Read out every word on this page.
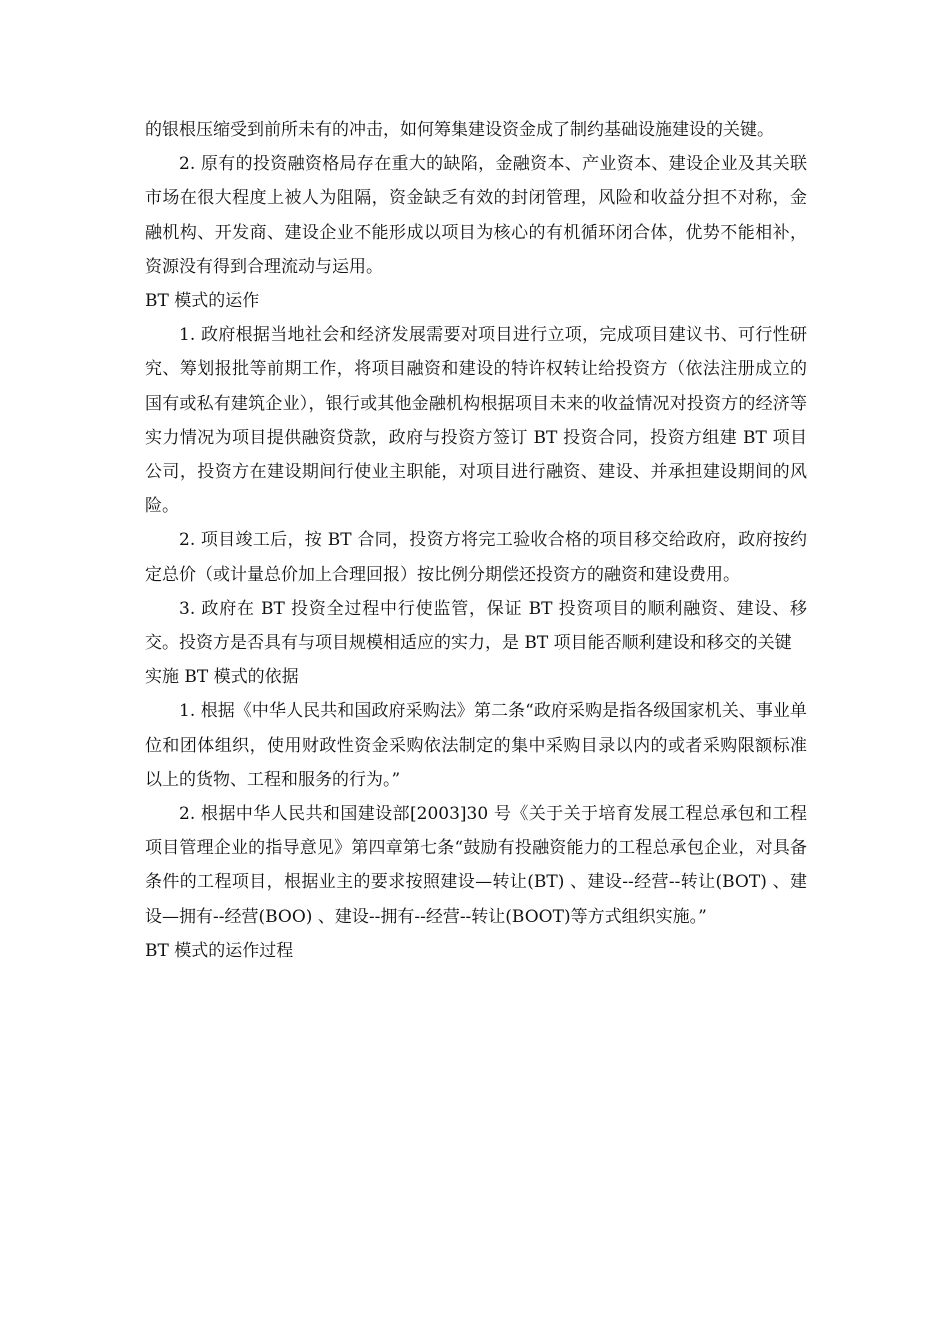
的银根压缩受到前所未有的冲击，如何筹集建设资金成了制约基础设施建设的关键。

2. 原有的投资融资格局存在重大的缺陷，金融资本、产业资本、建设企业及其关联市场在很大程度上被人为阻隔，资金缺乏有效的封闭管理，风险和收益分担不对称，金融机构、开发商、建设企业不能形成以项目为核心的有机循环闭合体，优势不能相补，资源没有得到合理流动与运用。

BT 模式的运作

1. 政府根据当地社会和经济发展需要对项目进行立项，完成项目建议书、可行性研究、筹划报批等前期工作，将项目融资和建设的特许权转让给投资方（依法注册成立的国有或私有建筑企业），银行或其他金融机构根据项目未来的收益情况对投资方的经济等实力情况为项目提供融资贷款，政府与投资方签订 BT 投资合同，投资方组建 BT 项目公司，投资方在建设期间行使业主职能，对项目进行融资、建设、并承担建设期间的风险。

2. 项目竣工后，按 BT 合同，投资方将完工验收合格的项目移交给政府，政府按约定总价（或计量总价加上合理回报）按比例分期偿还投资方的融资和建设费用。

3. 政府在 BT 投资全过程中行使监管，保证 BT 投资项目的顺利融资、建设、移交。投资方是否具有与项目规模相适应的实力，是 BT 项目能否顺利建设和移交的关键

实施 BT 模式的依据

1. 根据《中华人民共和国政府采购法》第二条“政府采购是指各级国家机关、事业单位和团体组织，使用财政性资金采购依法制定的集中采购目录以内的或者采购限额标准以上的货物、工程和服务的行为。”

2. 根据中华人民共和国建设部[2003]30 号《关于关于培育发展工程总承包和工程项目管理企业的指导意见》第四章第七条“鼓励有投融资能力的工程总承包企业，对具备条件的工程项目，根据业主的要求按照建设—转让(BT) 、建设--经营--转让(BOT) 、建设—拥有--经营(BOO) 、建设--拥有--经营--转让(BOOT)等方式组织实施。”

BT 模式的运作过程
